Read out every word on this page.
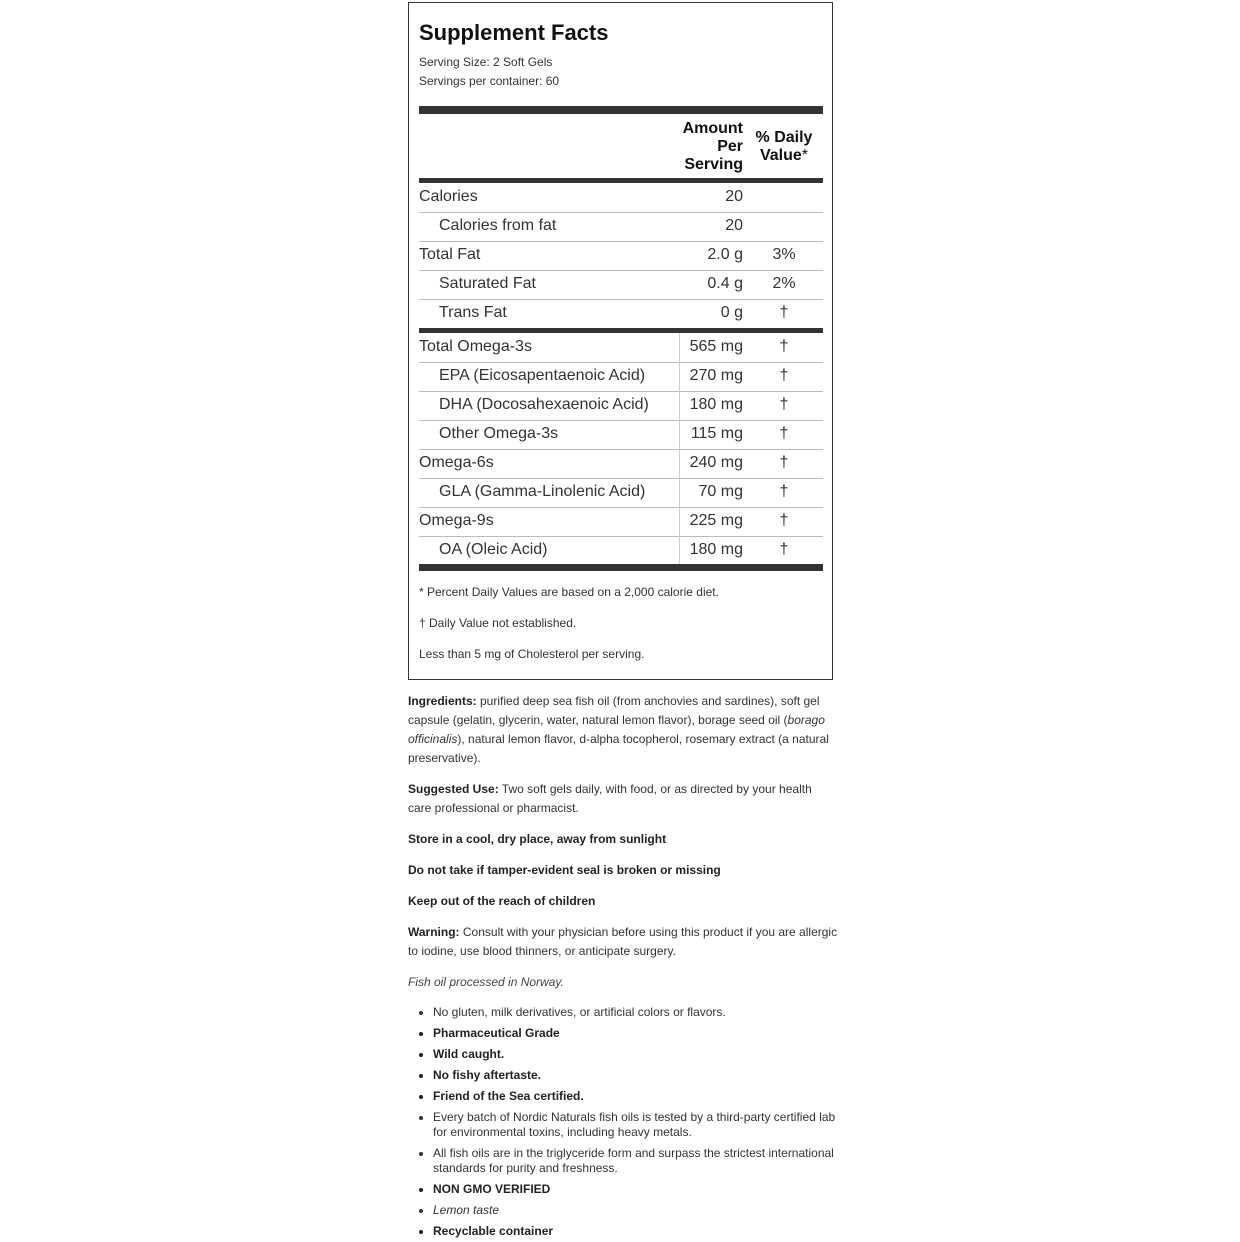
Supplement Facts
Serving Size: 2 Soft Gels
Servings per container: 60
Amount
Per
Serving
% Daily
Value*
Calories	20
Calories from fat	20
Total Fat	2.0 g	3%
Saturated Fat	0.4 g	2%
Trans Fat	0 g	†
Total Omega-3s	565 mg	†
EPA (Eicosapentaenoic Acid)	270 mg	†
DHA (Docosahexaenoic Acid)	180 mg	†
Other Omega-3s	115 mg	†
Omega-6s	240 mg	†
GLA (Gamma-Linolenic Acid)	70 mg	†
Omega-9s	225 mg	†
OA (Oleic Acid)	180 mg	†
* Percent Daily Values are based on a 2,000 calorie diet.
† Daily Value not established.
Less than 5 mg of Cholesterol per serving.
Ingredients: purified deep sea fish oil (from anchovies and sardines), soft gel capsule (gelatin, glycerin, water, natural lemon flavor), borage seed oil (borago officinalis), natural lemon flavor, d-alpha tocopherol, rosemary extract (a natural preservative).
Suggested Use: Two soft gels daily, with food, or as directed by your health care professional or pharmacist.
Store in a cool, dry place, away from sunlight
Do not take if tamper-evident seal is broken or missing
Keep out of the reach of children
Warning: Consult with your physician before using this product if you are allergic to iodine, use blood thinners, or anticipate surgery.
Fish oil processed in Norway.
• No gluten, milk derivatives, or artificial colors or flavors.
• Pharmaceutical Grade
• Wild caught.
• No fishy aftertaste.
• Friend of the Sea certified.
• Every batch of Nordic Naturals fish oils is tested by a third-party certified lab for environmental toxins, including heavy metals.
• All fish oils are in the triglyceride form and surpass the strictest international standards for purity and freshness.
• NON GMO VERIFIED
• Lemon taste
• Recyclable container
